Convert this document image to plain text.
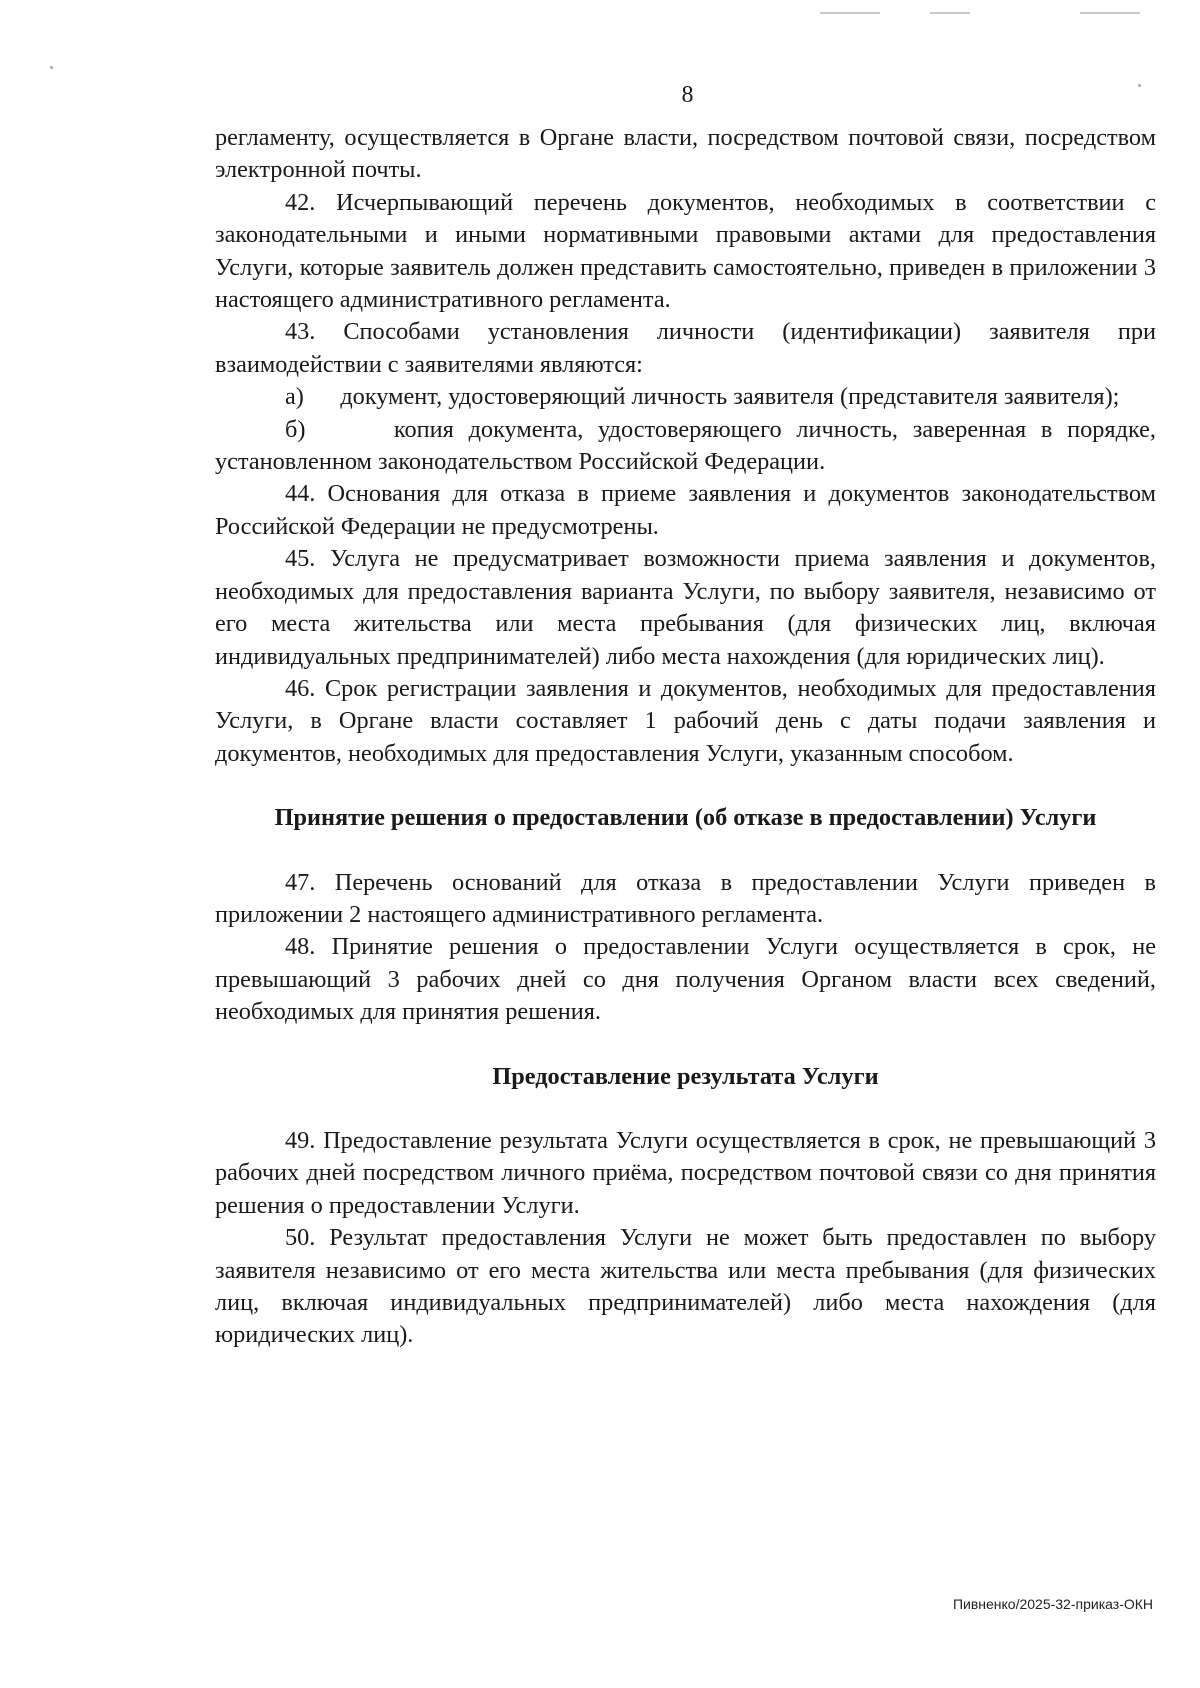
8

регламенту, осуществляется в Органе власти, посредством почтовой связи, посредством электронной почты.

42. Исчерпывающий перечень документов, необходимых в соответствии с законодательными и иными нормативными правовыми актами для предоставления Услуги, которые заявитель должен представить самостоятельно, приведен в приложении 3 настоящего административного регламента.

43. Способами установления личности (идентификации) заявителя при взаимодействии с заявителями являются:

а)      документ, удостоверяющий личность заявителя (представителя заявителя);

б)      копия документа, удостоверяющего личность, заверенная в порядке, установленном законодательством Российской Федерации.

44. Основания для отказа в приеме заявления и документов законодательством Российской Федерации не предусмотрены.

45. Услуга не предусматривает возможности приема заявления и документов, необходимых для предоставления варианта Услуги, по выбору заявителя, независимо от его места жительства или места пребывания (для физических лиц, включая индивидуальных предпринимателей) либо места нахождения (для юридических лиц).

46. Срок регистрации заявления и документов, необходимых для предоставления Услуги, в Органе власти составляет 1 рабочий день с даты подачи заявления и документов, необходимых для предоставления Услуги, указанным способом.

Принятие решения о предоставлении (об отказе в предоставлении) Услуги

47. Перечень оснований для отказа в предоставлении Услуги приведен в приложении 2 настоящего административного регламента.

48. Принятие решения о предоставлении Услуги осуществляется в срок, не превышающий 3 рабочих дней со дня получения Органом власти всех сведений, необходимых для принятия решения.

Предоставление результата Услуги

49. Предоставление результата Услуги осуществляется в срок, не превышающий 3 рабочих дней посредством личного приёма, посредством почтовой связи со дня принятия решения о предоставлении Услуги.

50. Результат предоставления Услуги не может быть предоставлен по выбору заявителя независимо от его места жительства или места пребывания (для физических лиц, включая индивидуальных предпринимателей) либо места нахождения (для юридических лиц).

Пивненко/2025-32-приказ-ОКН
